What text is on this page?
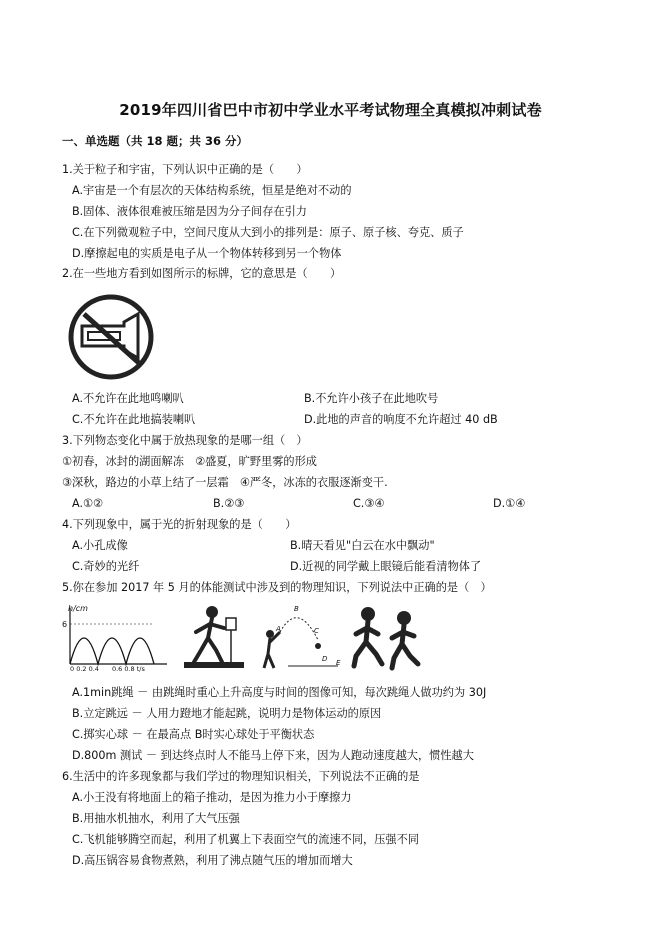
2019年四川省巴中市初中学业水平考试物理全真模拟冲刺试卷
一、单选题（共 18 题；共 36 分）
1.关于粒子和宇宙，下列认识中正确的是（　　）
A.宇宙是一个有层次的天体结构系统，恒星是绝对不动的
B.固体、液体很难被压缩是因为分子间存在引力
C.在下列微观粒子中，空间尺度从大到小的排列是：原子、原子核、夸克、质子
D.摩擦起电的实质是电子从一个物体转移到另一个物体
2.在一些地方看到如图所示的标牌，它的意思是（　　）
A.不允许在此地鸣喇叭	B.不允许小孩子在此地吹号
C.不允许在此地搞装喇叭	D.此地的声音的响度不允许超过 40 dB
3.下列物态变化中属于放热现象的是哪一组（　）
①初春，冰封的湖面解冻　②盛夏，旷野里雾的形成
③深秋，路边的小草上结了一层霜　④严冬，冰冻的衣服逐渐变干.
A.①②	B.②③	C.③④	D.①④
4.下列现象中，属于光的折射现象的是（　　）
A.小孔成像	B.晴天看见"白云在水中飘动"
C.奇妙的光纤	D.近视的同学戴上眼镜后能看清物体了
5.你在参加 2017 年 5 月的体能测试中涉及到的物理知识，下列说法中正确的是（　）
h/cm
6
0 0.2 0.4　　0.6 0.8 t/s
A
B
C
D E
A.1min跳绳 － 由跳绳时重心上升高度与时间的图像可知，每次跳绳人做功约为 30J
B.立定跳远 － 人用力蹬地才能起跳，说明力是物体运动的原因
C.掷实心球 － 在最高点 B时实心球处于平衡状态
D.800m 测试 － 到达终点时人不能马上停下来，因为人跑动速度越大，惯性越大
6.生活中的许多现象都与我们学过的物理知识相关，下列说法不正确的是
A.小王没有将地面上的箱子推动，是因为推力小于摩擦力
B.用抽水机抽水，利用了大气压强
C.飞机能够腾空而起，利用了机翼上下表面空气的流速不同，压强不同
D.高压锅容易食物煮熟，利用了沸点随气压的增加而增大
